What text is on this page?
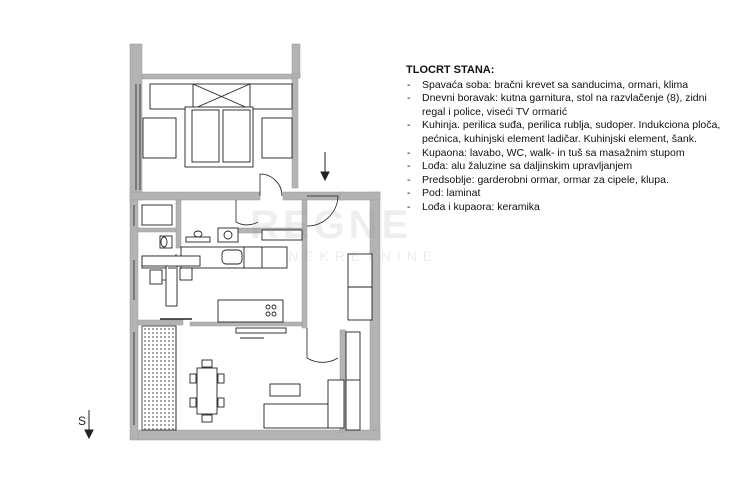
REGNE
NEKRETNINE
S
TLOCRT STANA:
- Spavaća soba: bračni krevet sa sanducima, ormari, klima
- Dnevni boravak: kutna garnitura, stol na razvlačenje (8), zidni regal i police, viseći TV ormarić
- Kuhinja. perilica suđa, perilica rublja, sudoper. Indukciona ploča, pećnica, kuhinjski element ladičar. Kuhinjski element, šank.
- Kupaona: lavabo, WC, walk- in tuš sa masažnim stupom
- Lođa: alu žaluzine sa daljinskim upravljanjem
- Predsoblje: garderobni ormar, ormar za cipele, klupa.
- Pod: laminat
- Lođa i kupaora: keramika
